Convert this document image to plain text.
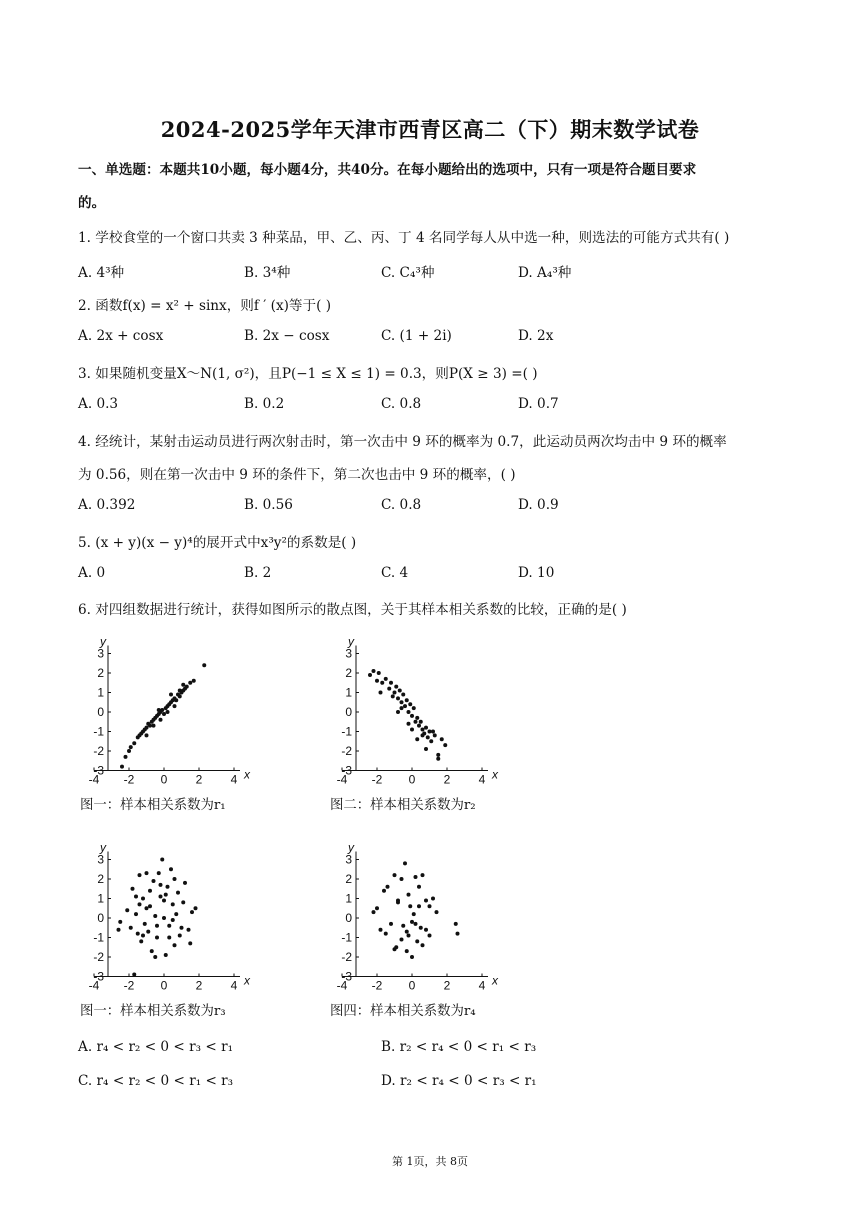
2024-2025学年天津市西青区高二（下）期末数学试卷
一、单选题：本题共10小题，每小题4分，共40分。在每小题给出的选项中，只有一项是符合题目要求
的。
1. 学校食堂的一个窗口共卖 3 种菜品，甲、乙、丙、丁 4 名同学每人从中选一种，则选法的可能方式共有( )
A. 4³种	B. 3⁴种	C. C₄³种	D. A₄³种
2. 函数f(x) = x² + sinx，则f ′ (x)等于( )
A. 2x + cosx	B. 2x − cosx	C. (1 + 2i)	D. 2x
3. 如果随机变量X～N(1, σ²)，且P(−1 ≤ X ≤ 1) = 0.3，则P(X ≥ 3) =( )
A. 0.3	B. 0.2	C. 0.8	D. 0.7
4. 经统计，某射击运动员进行两次射击时，第一次击中 9 环的概率为 0.7，此运动员两次均击中 9 环的概率
为 0.56，则在第一次击中 9 环的条件下，第二次也击中 9 环的概率，( )
A. 0.392	B. 0.56	C. 0.8	D. 0.9
5. (x + y)(x − y)⁴的展开式中x³y²的系数是( )
A. 0	B. 2	C. 4	D. 10
6. 对四组数据进行统计，获得如图所示的散点图，关于其样本相关系数的比较，正确的是( )
3
2
1
0
-1
-2
-3
-4 -2 0 2 4 x
y
3
2
1
0
-1
-2
-3
-4 -2 0 2 4 x
y
3
2
1
0
-1
-2
-3
-4 -2 0 2 4 x
y
3
2
1
0
-1
-2
-3
-4 -2 0 2 4 x
y
图一：样本相关系数为r₁	图二：样本相关系数为r₂
图一：样本相关系数为r₃	图四：样本相关系数为r₄
A. r₄ < r₂ < 0 < r₃ < r₁	B. r₂ < r₄ < 0 < r₁ < r₃
C. r₄ < r₂ < 0 < r₁ < r₃	D. r₂ < r₄ < 0 < r₃ < r₁
第 1页，共 8页
